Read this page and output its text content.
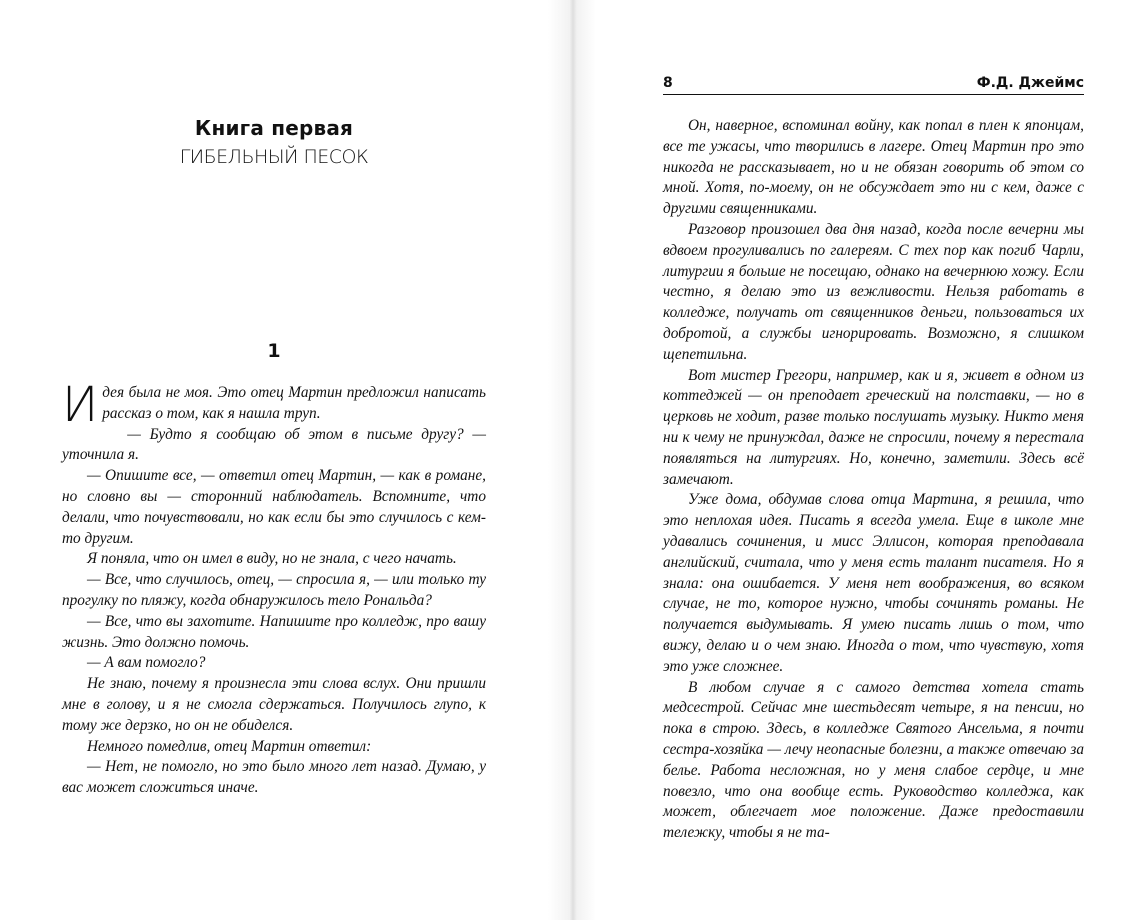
Книга первая
ГИБЕЛЬНЫЙ ПЕСОК
1

Идея была не моя. Это отец Мартин предложил написать рассказ о том, как я нашла труп.

— Будто я сообщаю об этом в письме другу? — уточнила я.

— Опишите все, — ответил отец Мартин, — как в романе, но словно вы — сторонний наблюдатель. Вспомните, что делали, что почувствовали, но как если бы это случилось с кем-то другим.

Я поняла, что он имел в виду, но не знала, с чего начать.

— Все, что случилось, отец, — спросила я, — или только ту прогулку по пляжу, когда обнаружилось тело Рональда?

— Все, что вы захотите. Напишите про колледж, про вашу жизнь. Это должно помочь.

— А вам помогло?

Не знаю, почему я произнесла эти слова вслух. Они пришли мне в голову, и я не смогла сдержаться. Получилось глупо, к тому же дерзко, но он не обиделся.

Немного помедлив, отец Мартин ответил:

— Нет, не помогло, но это было много лет назад. Думаю, у вас может сложиться иначе.

8	Ф.Д. Джеймс

Он, наверное, вспоминал войну, как попал в плен к японцам, все те ужасы, что творились в лагере. Отец Мартин про это никогда не рассказывает, но и не обязан говорить об этом со мной. Хотя, по-моему, он не обсуждает это ни с кем, даже с другими священниками.

Разговор произошел два дня назад, когда после вечерни мы вдвоем прогуливались по галереям. С тех пор как погиб Чарли, литургии я больше не посещаю, однако на вечернюю хожу. Если честно, я делаю это из вежливости. Нельзя работать в колледже, получать от священников деньги, пользоваться их добротой, а службы игнорировать. Возможно, я слишком щепетильна.

Вот мистер Грегори, например, как и я, живет в одном из коттеджей — он преподает греческий на полставки, — но в церковь не ходит, разве только послушать музыку. Никто меня ни к чему не принуждал, даже не спросили, почему я перестала появляться на литургиях. Но, конечно, заметили. Здесь всё замечают.

Уже дома, обдумав слова отца Мартина, я решила, что это неплохая идея. Писать я всегда умела. Еще в школе мне удавались сочинения, и мисс Эллисон, которая преподавала английский, считала, что у меня есть талант писателя. Но я знала: она ошибается. У меня нет воображения, во всяком случае, не то, которое нужно, чтобы сочинять романы. Не получается выдумывать. Я умею писать лишь о том, что вижу, делаю и о чем знаю. Иногда о том, что чувствую, хотя это уже сложнее.

В любом случае я с самого детства хотела стать медсестрой. Сейчас мне шестьдесят четыре, я на пенсии, но пока в строю. Здесь, в колледже Святого Ансельма, я почти сестра-хозяйка — лечу неопасные болезни, а также отвечаю за белье. Работа несложная, но у меня слабое сердце, и мне повезло, что она вообще есть. Руководство колледжа, как может, облегчает мое положение. Даже предоставили тележку, чтобы я не та-
